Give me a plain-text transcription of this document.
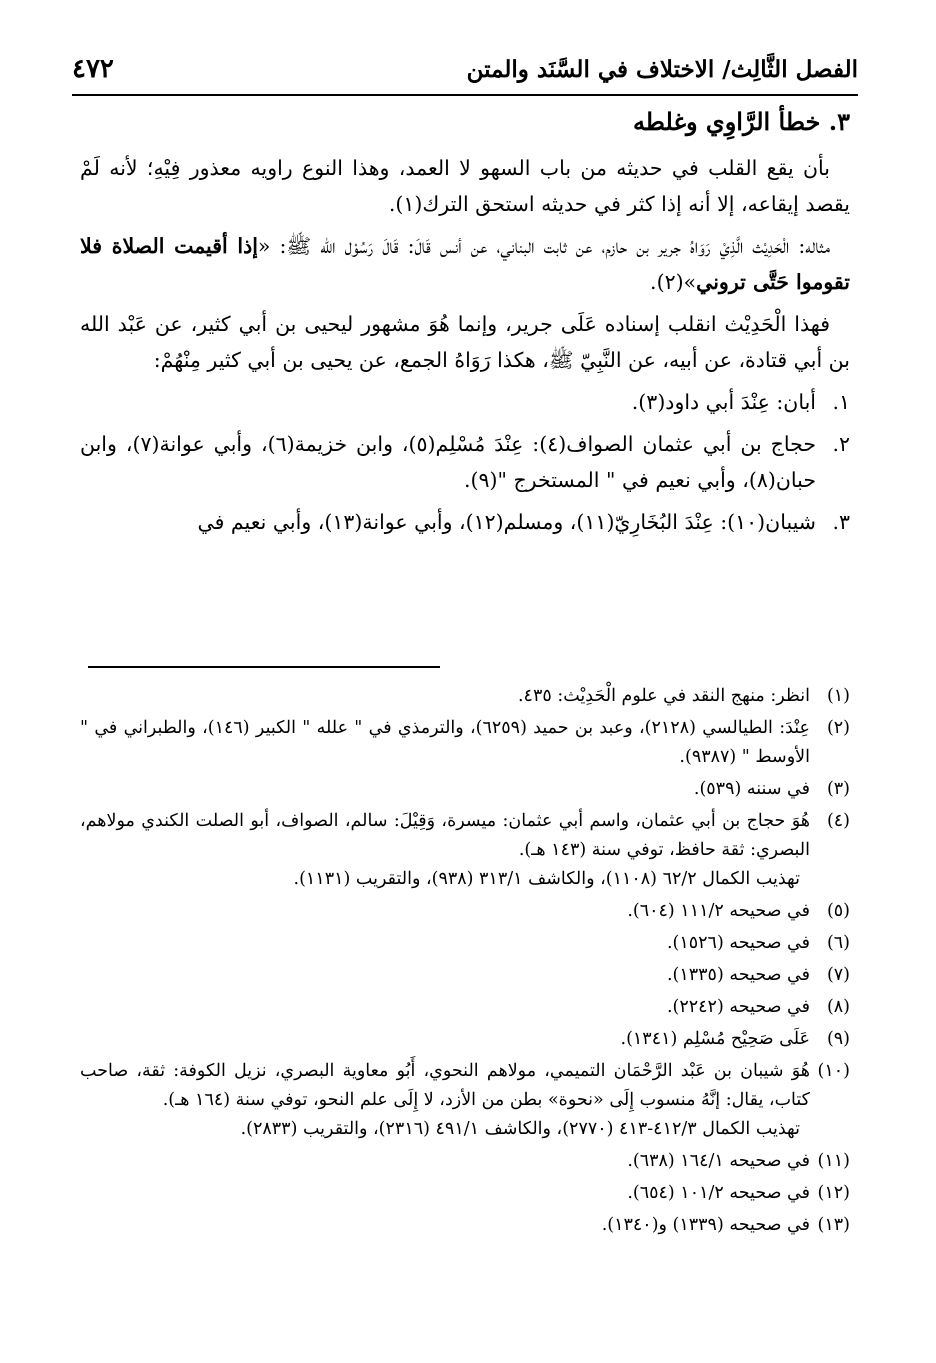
الفصل الثَّالِث/ الاختلاف في السَّنَد والمتن
٤٧٢
٣. خطأ الرَّاوِي وغلطه

بأن يقع القلب في حديثه من باب السهو لا العمد، وهذا النوع راويه معذور فِيْهِ؛ لأنه لَمْ يقصد إيقاعه، إلا أنه إذا كثر في حديثه استحق الترك(١).

مثاله: الْحَدِيْث الَّذِيْ رَوَاهُ جرير بن حازم، عن ثابت البناني، عن أنس قَالَ: قَالَ رَسُوْل الله ﷺ: «إذا أقيمت الصلاة فلا تقوموا حَتَّى تروني»(٢).

فهذا الْحَدِيْث انقلب إسناده عَلَى جرير، وإنما هُوَ مشهور ليحيى بن أبي كثير، عن عَبْد الله بن أبي قتادة، عن أبيه، عن النَّبِيّ ﷺ، هكذا رَوَاهُ الجمع، عن يحيى بن أبي كثير مِنْهُمْ:

١.
أبان: عِنْدَ أبي داود(٣).
٢.
حجاج بن أبي عثمان الصواف(٤): عِنْدَ مُسْلِم(٥)، وابن خزيمة(٦)، وأبي عوانة(٧)، وابن حبان(٨)، وأبي نعيم في " المستخرج "(٩).
٣.
شيبان(١٠): عِنْدَ البُخَارِيّ(١١)، ومسلم(١٢)، وأبي عوانة(١٣)، وأبي نعيم في
(١)
انظر: منهج النقد في علوم الْحَدِيْث: ٤٣٥.
(٢)
عِنْدَ: الطيالسي (٢١٢٨)، وعبد بن حميد (٦٢٥٩)، والترمذي في " علله " الكبير (١٤٦)، والطبراني في " الأوسط " (٩٣٨٧).
(٣)
في سننه (٥٣٩).
(٤)
هُوَ حجاج بن أبي عثمان، واسم أبي عثمان: ميسرة، وَقِيْلَ: سالم، الصواف، أبو الصلت الكندي مولاهم، البصري: ثقة حافظ، توفي سنة (١٤٣ هـ).
تهذيب الكمال ٦٢/٢ (١١٠٨)، والكاشف ٣١٣/١ (٩٣٨)، والتقريب (١١٣١).
(٥)
في صحيحه ١١١/٢ (٦٠٤).
(٦)
في صحيحه (١٥٢٦).
(٧)
في صحيحه (١٣٣٥).
(٨)
في صحيحه (٢٢٤٢).
(٩)
عَلَى صَحِيْح مُسْلِم (١٣٤١).
(١٠)
هُوَ شيبان بن عَبْد الرَّحْمَان التميمي، مولاهم النحوي، أَبُو معاوية البصري، نزيل الكوفة: ثقة، صاحب كتاب، يقال: إنَّهُ منسوب إِلَى «نحوة» بطن من الأزد، لا إِلَى علم النحو، توفي سنة (١٦٤ هـ).
تهذيب الكمال ٤١٢/٣-٤١٣ (٢٧٧٠)، والكاشف ٤٩١/١ (٢٣١٦)، والتقريب (٢٨٣٣).
(١١)
في صحيحه ١٦٤/١ (٦٣٨).
(١٢)
في صحيحه ١٠١/٢ (٦٥٤).
(١٣)
في صحيحه (١٣٣٩) و(١٣٤٠).
